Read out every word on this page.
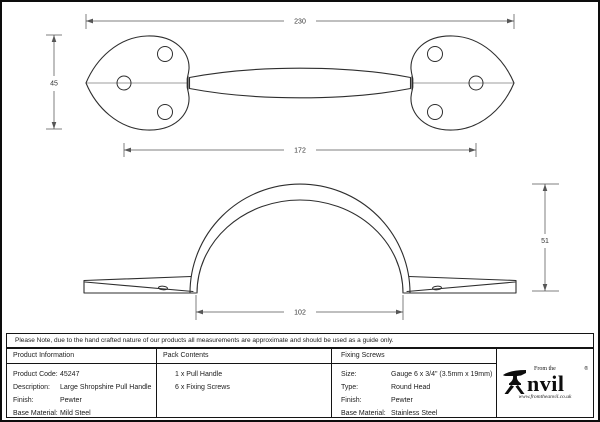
230
45
172
102
51
Please Note, due to the hand crafted nature of our products all measurements are approximate and should be used as a guide only.
Product Information
Product Code: 45247
Description: Large Shropshire Pull Handle
Finish:	Pewter
Base Material: Mild Steel
Pack Contents
1 x Pull Handle
6 x Fixing Screws
Fixing Screws
Size:	Gauge 6 x 3/4" (3.5mm x 19mm)
Type:	Round Head
Finish:	Pewter
Base Material: Stainless Steel
From the	®
nvil
www.fromtheanvil.co.uk
